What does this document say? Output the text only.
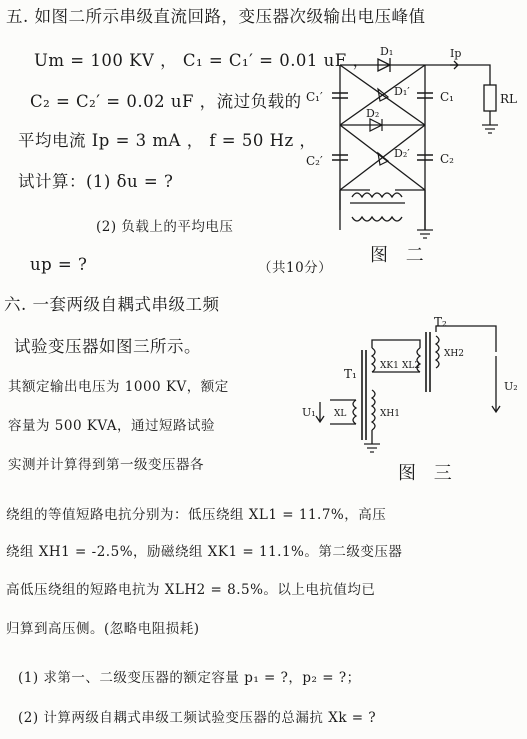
五. 如图二所示串级直流回路，变压器次级输出电压峰值
Um = 100 KV ， C₁ = C₁′ = 0.01 uF ，
C₂ = C₂′ = 0.02 uF ，流过负载的
平均电流 Ip = 3 mA ， f = 50 Hz ，
试计算：(1) δu = ?
(2) 负载上的平均电压
up = ?	（共10分）
图 二
C₁′
C₂′
C₁
C₂
D₁
D₁′
D₂
D₂′
Ip
RL
六. 一套两级自耦式串级工频
试验变压器如图三所示。
其额定输出电压为 1000 KV，额定
容量为 500 KVA，通过短路试验
实测并计算得到第一级变压器各	图 三
绕组的等值短路电抗分别为：低压绕组 XL1 = 11.7%，高压
绕组 XH1 = -2.5%，励磁绕组 XK1 = 11.1%。第二级变压器
高低压绕组的短路电抗为 XLH2 = 8.5%。以上电抗值均已
归算到高压侧。(忽略电阻损耗)
(1) 求第一、二级变压器的额定容量 p₁ = ?，p₂ = ?；
(2) 计算两级自耦式串级工频试验变压器的总漏抗 Xk = ?
T₁
T₂
XK1 XL2
XH2
XL	XH1
U₁
U₂
